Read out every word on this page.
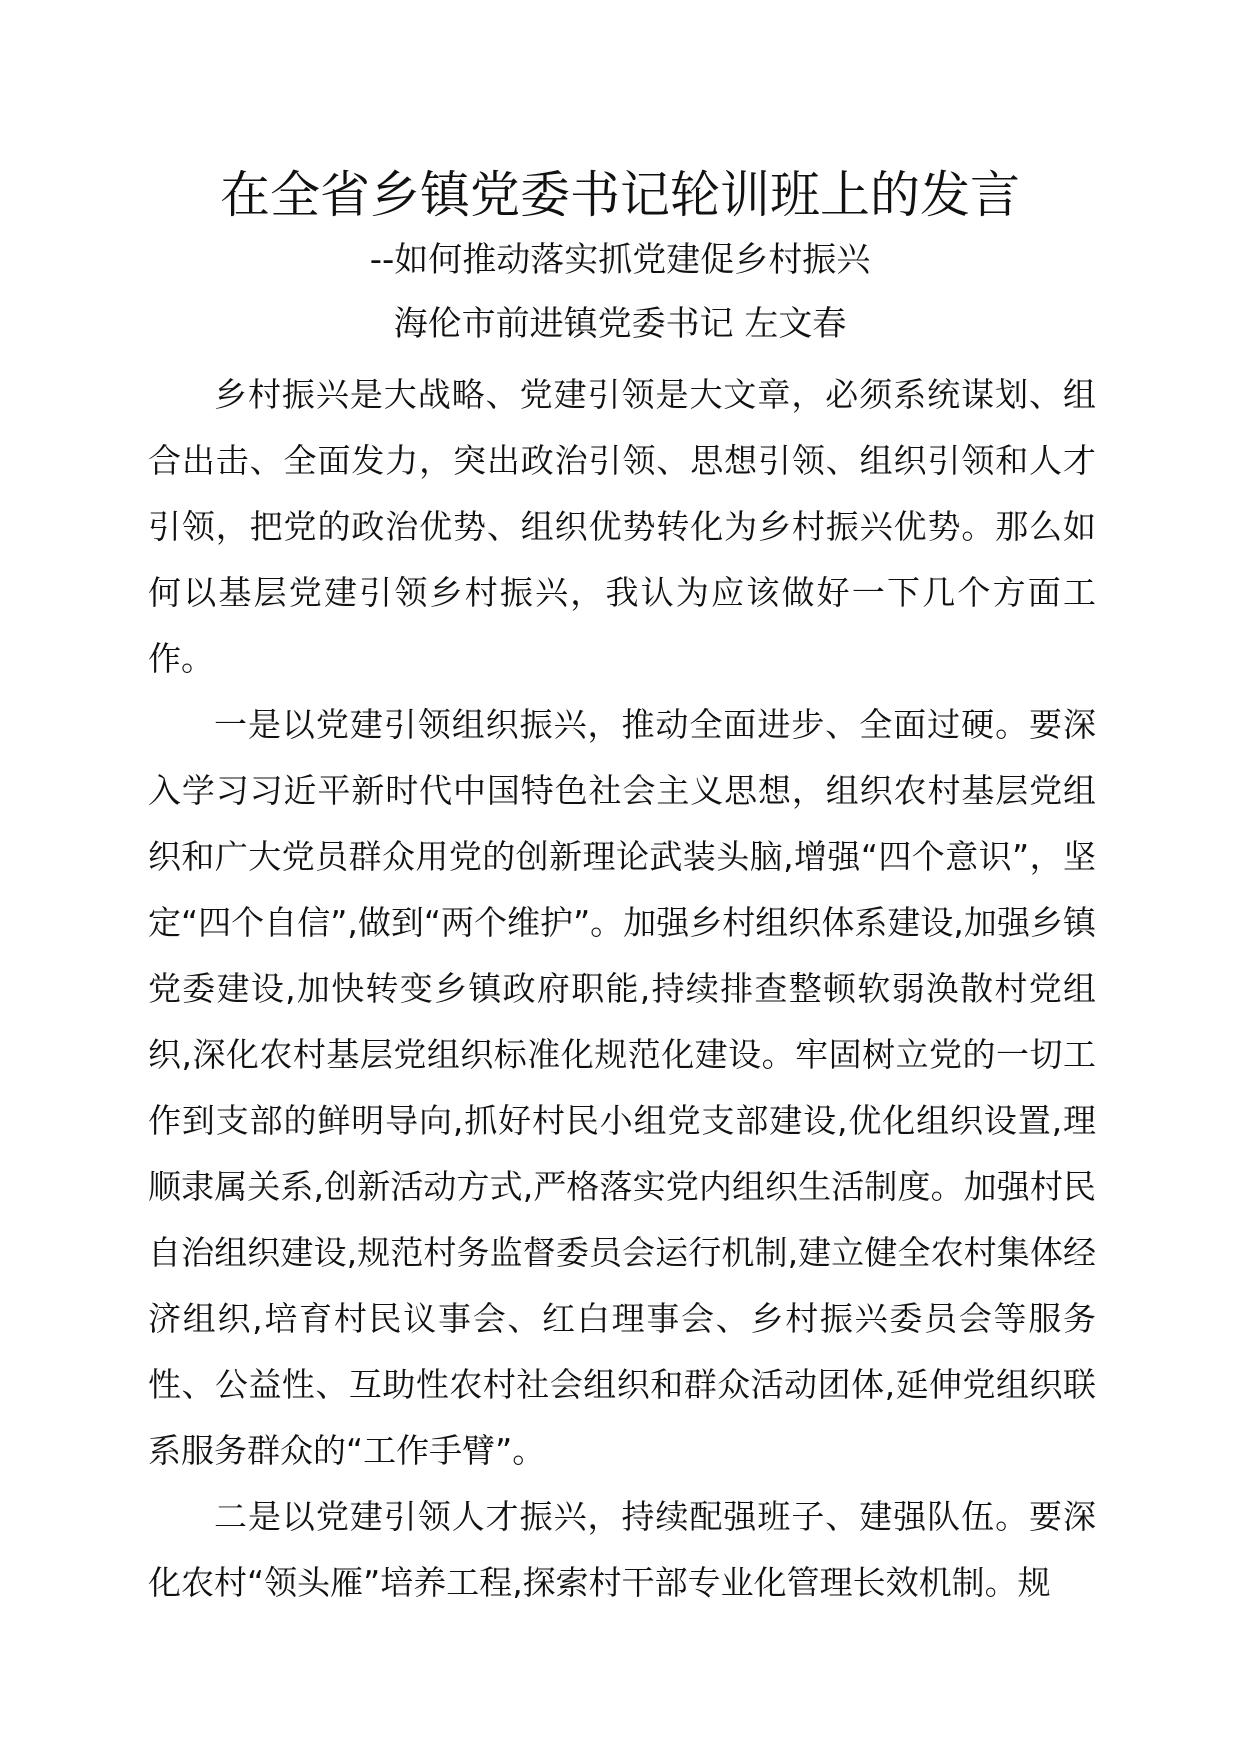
在全省乡镇党委书记轮训班上的发言
--如何推动落实抓党建促乡村振兴
海伦市前进镇党委书记 左文春

乡村振兴是大战略、党建引领是大文章，必须系统谋划、组合出击、全面发力，突出政治引领、思想引领、组织引领和人才引领，把党的政治优势、组织优势转化为乡村振兴优势。那么如何以基层党建引领乡村振兴，我认为应该做好一下几个方面工作。

一是以党建引领组织振兴，推动全面进步、全面过硬。要深入学习习近平新时代中国特色社会主义思想，组织农村基层党组织和广大党员群众用党的创新理论武装头脑,增强“四个意识”，坚定“四个自信”,做到“两个维护”。加强乡村组织体系建设,加强乡镇党委建设,加快转变乡镇政府职能,持续排查整顿软弱涣散村党组织,深化农村基层党组织标准化规范化建设。牢固树立党的一切工作到支部的鲜明导向,抓好村民小组党支部建设,优化组织设置,理顺隶属关系,创新活动方式,严格落实党内组织生活制度。加强村民自治组织建设,规范村务监督委员会运行机制,建立健全农村集体经济组织,培育村民议事会、红白理事会、乡村振兴委员会等服务性、公益性、互助性农村社会组织和群众活动团体,延伸党组织联系服务群众的“工作手臂”。

二是以党建引领人才振兴，持续配强班子、建强队伍。要深化农村“领头雁”培养工程,探索村干部专业化管理长效机制。规
